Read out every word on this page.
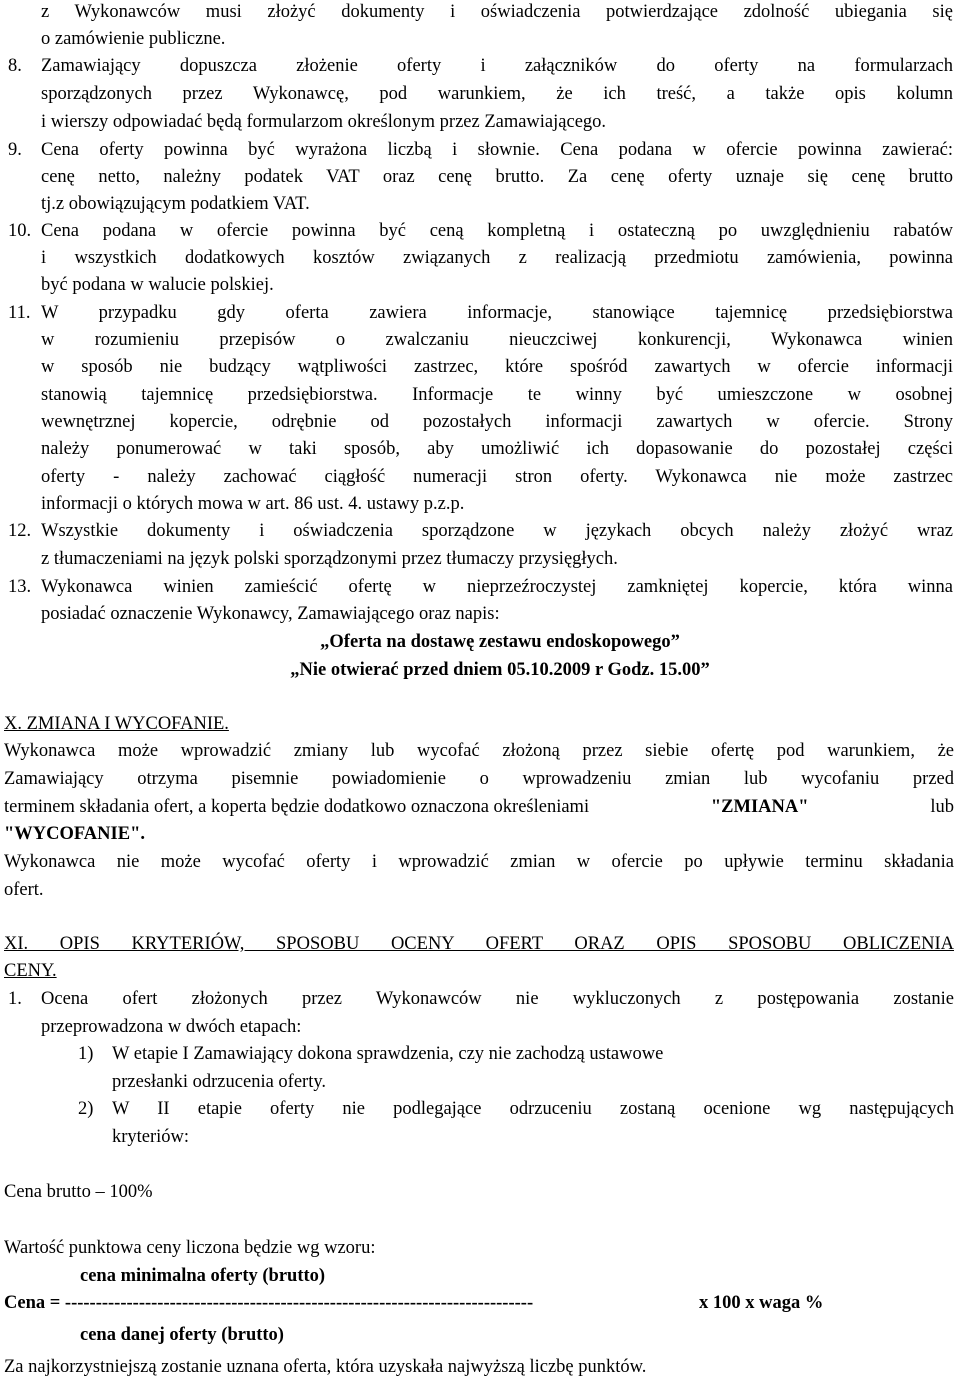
z Wykonawców musi złożyć dokumenty i oświadczenia potwierdzające zdolność ubiegania się
o zamówienie publiczne.
8. Zamawiający dopuszcza złożenie oferty i załączników do oferty na formularzach
sporządzonych przez Wykonawcę, pod warunkiem, że ich treść, a także opis kolumn
i wierszy odpowiadać będą formularzom określonym przez Zamawiającego.
9. Cena oferty powinna być wyrażona liczbą i słownie. Cena podana w ofercie powinna zawierać:
cenę netto, należny podatek VAT oraz cenę brutto. Za cenę oferty uznaje się cenę brutto
tj.z obowiązującym podatkiem VAT.
10. Cena podana w ofercie powinna być ceną kompletną i ostateczną po uwzględnieniu rabatów
i wszystkich dodatkowych kosztów związanych z realizacją przedmiotu zamówienia, powinna
być podana w walucie polskiej.
11. W przypadku gdy oferta zawiera informacje, stanowiące tajemnicę przedsiębiorstwa
w rozumieniu przepisów o zwalczaniu nieuczciwej konkurencji, Wykonawca winien
w sposób nie budzący wątpliwości zastrzec, które spośród zawartych w ofercie informacji
stanowią tajemnicę przedsiębiorstwa. Informacje te winny być umieszczone w osobnej
wewnętrznej kopercie, odrębnie od pozostałych informacji zawartych w ofercie. Strony
należy ponumerować w taki sposób, aby umożliwić ich dopasowanie do pozostałej części
oferty - należy zachować ciągłość numeracji stron oferty. Wykonawca nie może zastrzec
informacji o których mowa w art. 86 ust. 4. ustawy p.z.p.
12. Wszystkie dokumenty i oświadczenia sporządzone w językach obcych należy złożyć wraz
z tłumaczeniami na język polski sporządzonymi przez tłumaczy przysięgłych.
13. Wykonawca winien zamieścić ofertę w nieprzeźroczystej zamkniętej kopercie, która winna
posiadać oznaczenie Wykonawcy, Zamawiającego oraz napis:
„Oferta na dostawę zestawu endoskopowego”
„Nie otwierać przed dniem 05.10.2009 r Godz. 15.00”
X. ZMIANA I WYCOFANIE.
Wykonawca może wprowadzić zmiany lub wycofać złożoną przez siebie ofertę pod warunkiem, że
Zamawiający otrzyma pisemnie powiadomienie o wprowadzeniu zmian lub wycofaniu przed
terminem składania ofert, a koperta będzie dodatkowo oznaczona określeniami	"ZMIANA"	lub
"WYCOFANIE".
Wykonawca nie może wycofać oferty i wprowadzić zmian w ofercie po upływie terminu składania
ofert.
XI. OPIS KRYTERIÓW, SPOSOBU OCENY OFERT ORAZ OPIS SPOSOBU OBLICZENIA
CENY.
1. Ocena ofert złożonych przez Wykonawców nie wykluczonych z postępowania zostanie
przeprowadzona w dwóch etapach:
1) W etapie I Zamawiający dokona sprawdzenia, czy nie zachodzą ustawowe
przesłanki odrzucenia oferty.
2) W II etapie oferty nie podlegające odrzuceniu zostaną ocenione wg następujących
kryteriów:
Cena brutto – 100%
Wartość punktowa ceny liczona będzie wg wzoru:
cena minimalna oferty (brutto)
Cena = ----------------------------------------------------------------------------	x 100 x waga %
cena danej oferty (brutto)
Za najkorzystniejszą zostanie uznana oferta, która uzyskała najwyższą liczbę punktów.
